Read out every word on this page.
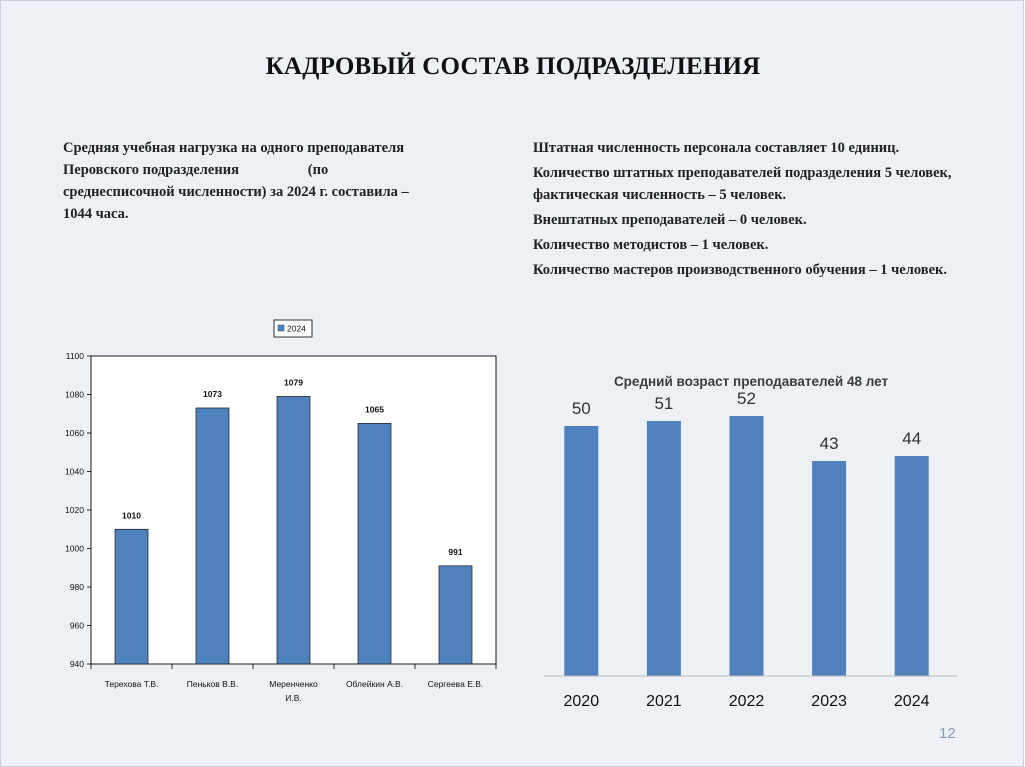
КАДРОВЫЙ СОСТАВ ПОДРАЗДЕЛЕНИЯ
Средняя учебная нагрузка на одного преподавателя
Перовского подразделения                   (по
среднесписочной численности) за 2024 г. составила –
1044 часа.

Штатная численность персонала составляет 10 единиц.

Количество штатных преподавателей подразделения 5 человек, фактическая численность – 5 человек.

Внештатных преподавателей – 0 человек.

Количество методистов – 1 человек.

Количество мастеров производственного обучения – 1 человек.

2024
940
960
980
1000
1020
1040
1060
1080
1100
1010
Терехова Т.В.
1073
Пеньков В.В.
1079
Меренченко
И.В.
1065
Облейкин А.В.
991
Сергеева Е.В.
Средний возраст преподавателей 48 лет
50
2020
51
2021
52
2022
43
2023
44
2024
12
